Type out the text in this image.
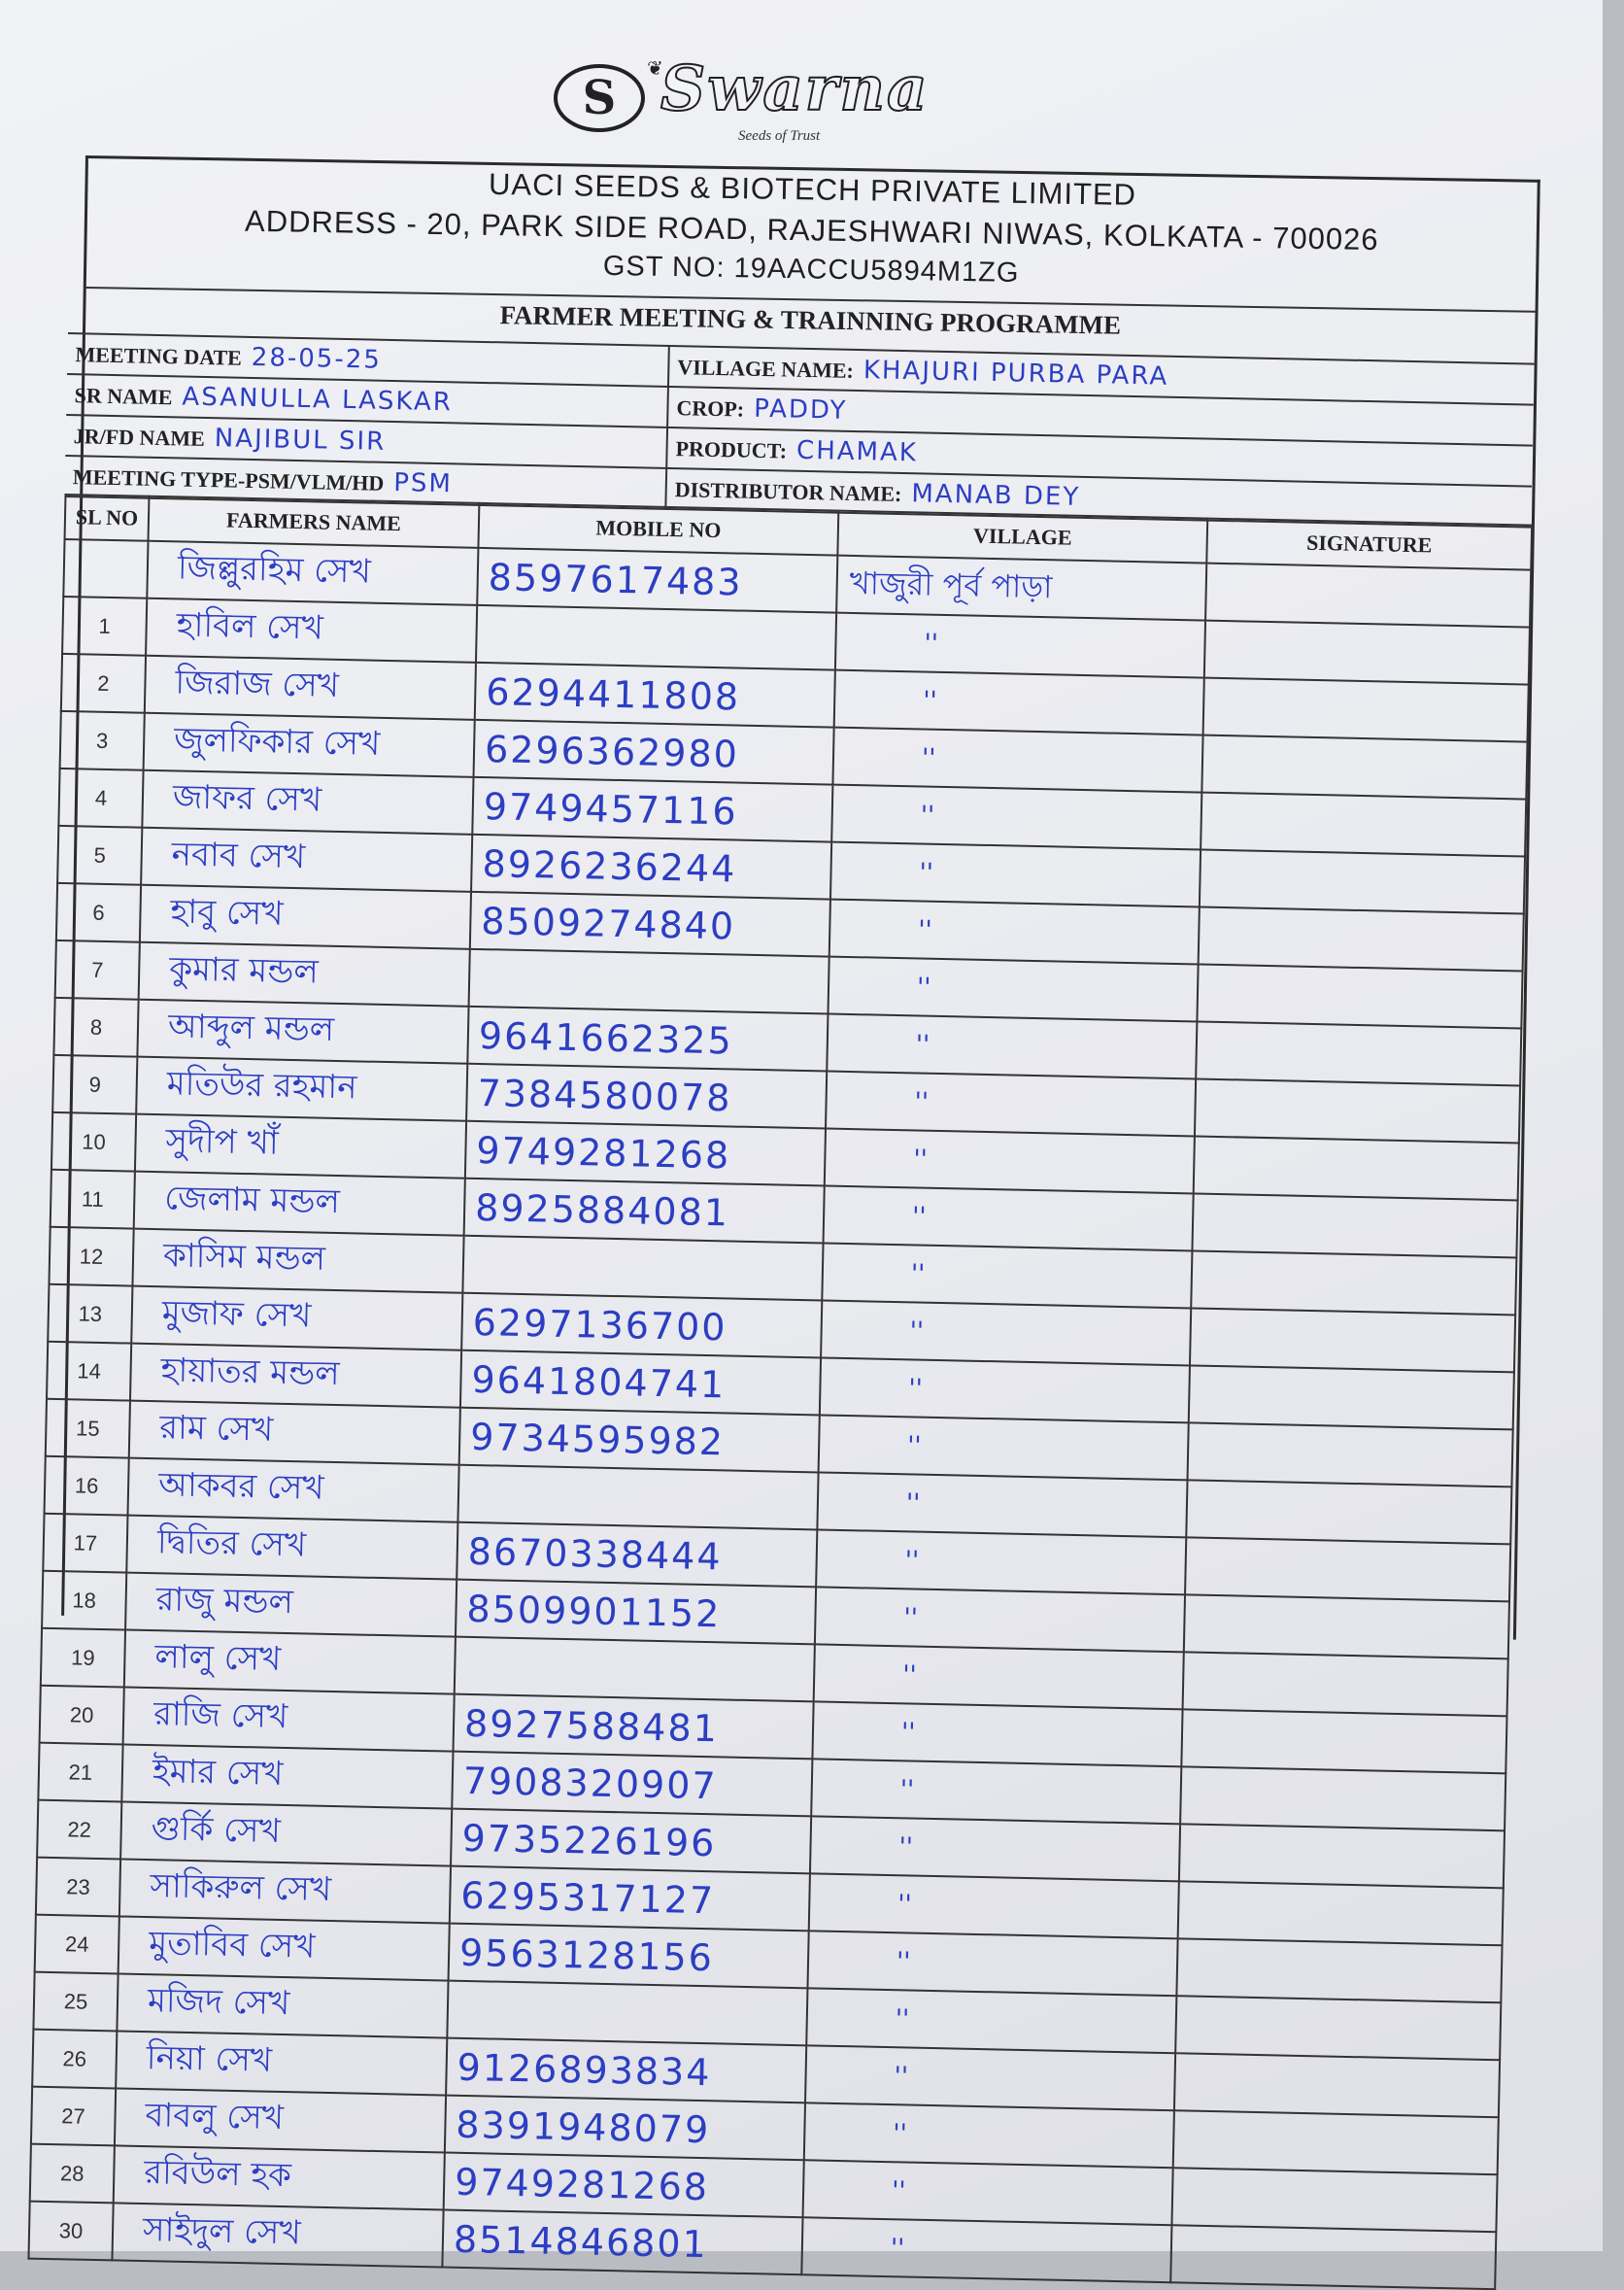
S
❦
Swarna
Seeds of Trust
UACI SEEDS & BIOTECH PRIVATE LIMITED
ADDRESS - 20, PARK SIDE ROAD, RAJESHWARI NIWAS, KOLKATA - 700026
GST NO: 19AACCU5894M1ZG
FARMER MEETING & TRAINNING PROGRAMME
MEETING DATE 28-05-25	VILLAGE NAME: KHAJURI PURBA PARA
SR NAME ASANULLA LASKAR	CROP: PADDY
JR/FD NAME NAJIBUL SIR	PRODUCT: CHAMAK
MEETING TYPE-PSM/VLM/HD PSM	DISTRIBUTOR NAME: MANAB DEY
SL NO	FARMERS NAME	MOBILE NO	VILLAGE	SIGNATURE
	জিল্লুরহিম সেখ	8597617483	খাজুরী পূর্ব পাড়া	
1	হাবিল সেখ		''	
2	জিরাজ সেখ	6294411808	''	
3	জুলফিকার সেখ	6296362980	''	
4	জাফর সেখ	9749457116	''	
5	নবাব সেখ	8926236244	''	
6	হাবু সেখ	8509274840	''	
7	কুমার মন্ডল		''	
8	আব্দুল মন্ডল	9641662325	''	
9	মতিউর রহমান	7384580078	''	
10	সুদীপ খাঁ	9749281268	''	
11	জেলাম মন্ডল	8925884081	''	
12	কাসিম মন্ডল		''	
13	মুজাফ সেখ	6297136700	''	
14	হায়াতর মন্ডল	9641804741	''	
15	রাম সেখ	9734595982	''	
16	আকবর সেখ		''	
17	দ্বিতির সেখ	8670338444	''	
18	রাজু মন্ডল	8509901152	''	
19	লালু সেখ		''	
20	রাজি সেখ	8927588481	''	
21	ইমার সেখ	7908320907	''	
22	গুর্কি সেখ	9735226196	''	
23	সাকিরুল সেখ	6295317127	''	
24	মুতাবিব সেখ	9563128156	''	
25	মজিদ সেখ		''	
26	নিয়া সেখ	9126893834	''	
27	বাবলু সেখ	8391948079	''	
28	রবিউল হক	9749281268	''	
30	সাইদুল সেখ	8514846801	''	
